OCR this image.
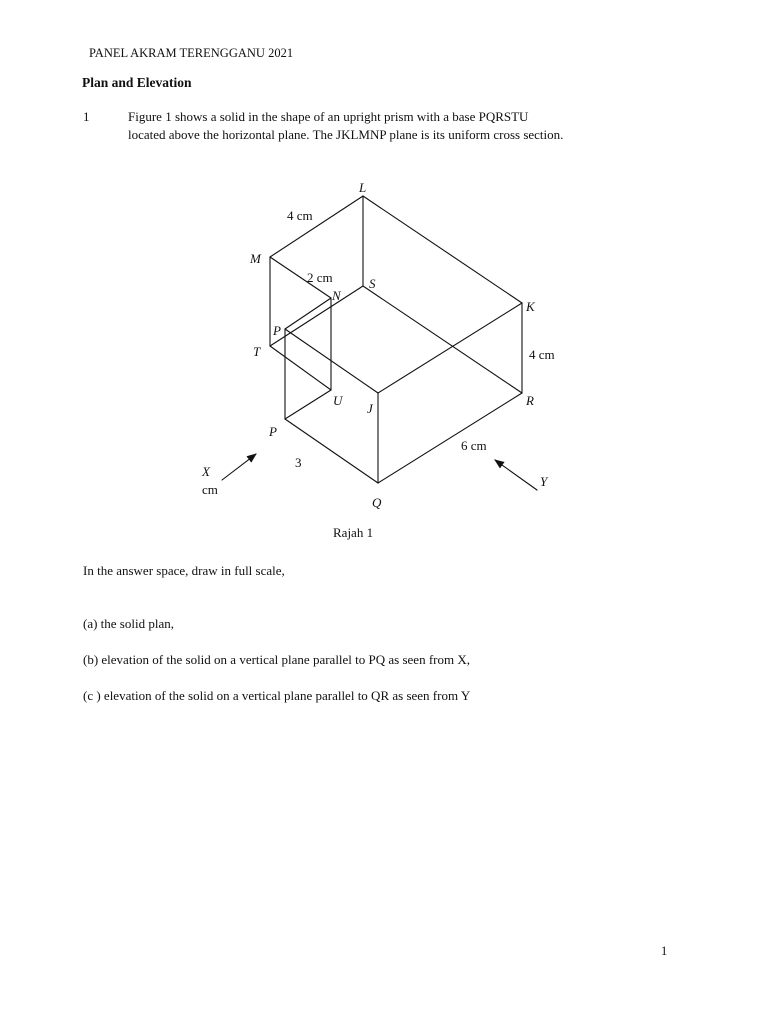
PANEL AKRAM TERENGGANU 2021
Plan and Elevation
1	Figure 1 shows a solid in the shape of an upright prism with a base PQRSTU
located above the horizontal plane. The JKLMNP plane is its uniform cross section.
L
M
N
S
K
P
T
U
J
R
P
Q
X
Y
4 cm
2 cm
4 cm
6 cm
3
cm
Rajah 1
In the answer space, draw in full scale,
(a) the solid plan,
(b) elevation of the solid on a vertical plane parallel to PQ as seen from X,
(c ) elevation of the solid on a vertical plane parallel to QR as seen from Y
1
